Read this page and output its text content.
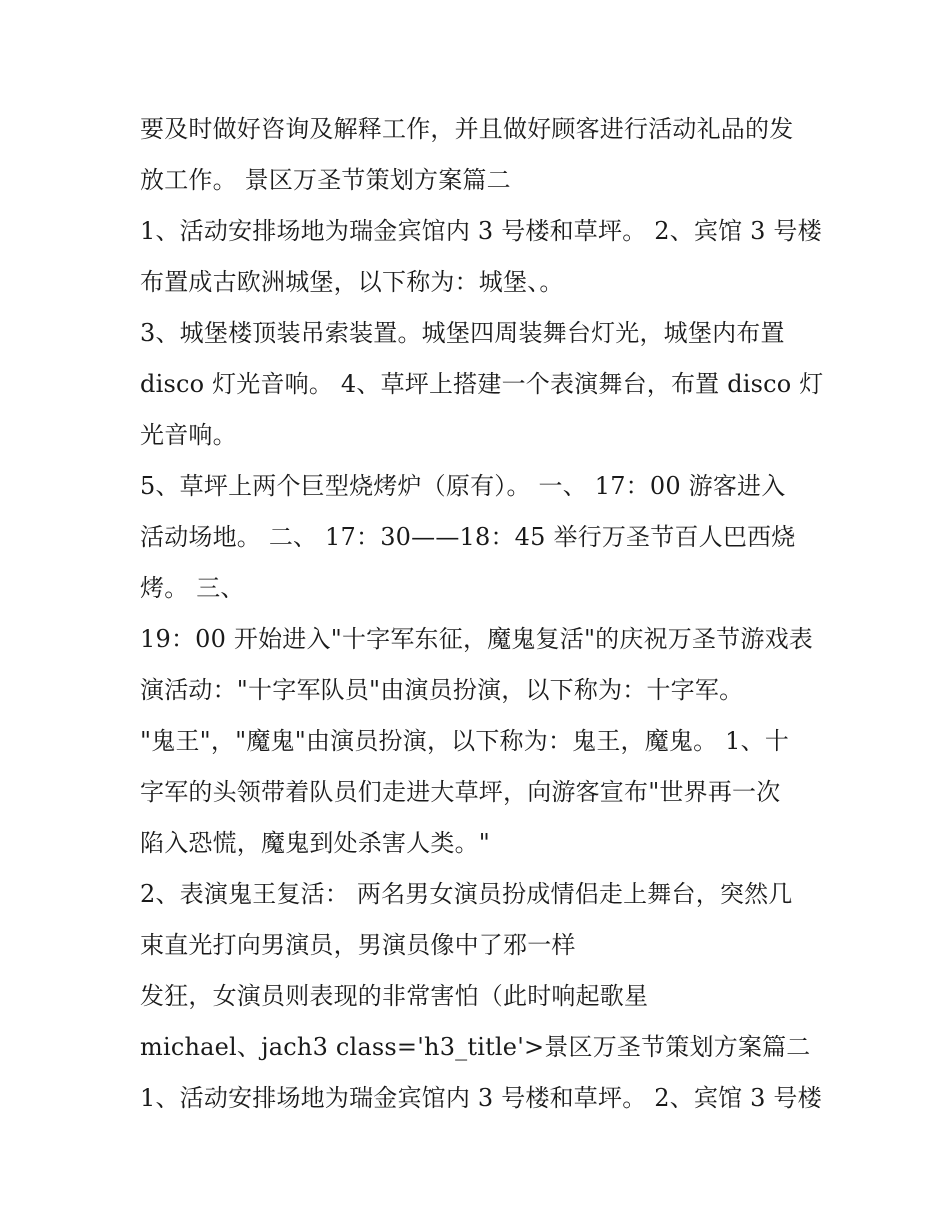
要及时做好咨询及解释工作，并且做好顾客进行活动礼品的发
放工作。 景区万圣节策划方案篇二
1、活动安排场地为瑞金宾馆内 3 号楼和草坪。 2、宾馆 3 号楼
布置成古欧洲城堡，以下称为：城堡、。
3、城堡楼顶装吊索装置。城堡四周装舞台灯光，城堡内布置
disco 灯光音响。 4、草坪上搭建一个表演舞台，布置 disco 灯
光音响。
5、草坪上两个巨型烧烤炉（原有）。 一、 17：00 游客进入
活动场地。 二、 17：30——18：45 举行万圣节百人巴西烧
烤。 三、
19：00 开始进入"十字军东征，魔鬼复活"的庆祝万圣节游戏表
演活动："十字军队员"由演员扮演，以下称为：十字军。
"鬼王"，"魔鬼"由演员扮演，以下称为：鬼王，魔鬼。 1、十
字军的头领带着队员们走进大草坪，向游客宣布"世界再一次
陷入恐慌，魔鬼到处杀害人类。"
2、表演鬼王复活： 两名男女演员扮成情侣走上舞台，突然几
束直光打向男演员，男演员像中了邪一样
发狂，女演员则表现的非常害怕（此时响起歌星
michael、jach3 class='h3_title'>景区万圣节策划方案篇二
1、活动安排场地为瑞金宾馆内 3 号楼和草坪。 2、宾馆 3 号楼
